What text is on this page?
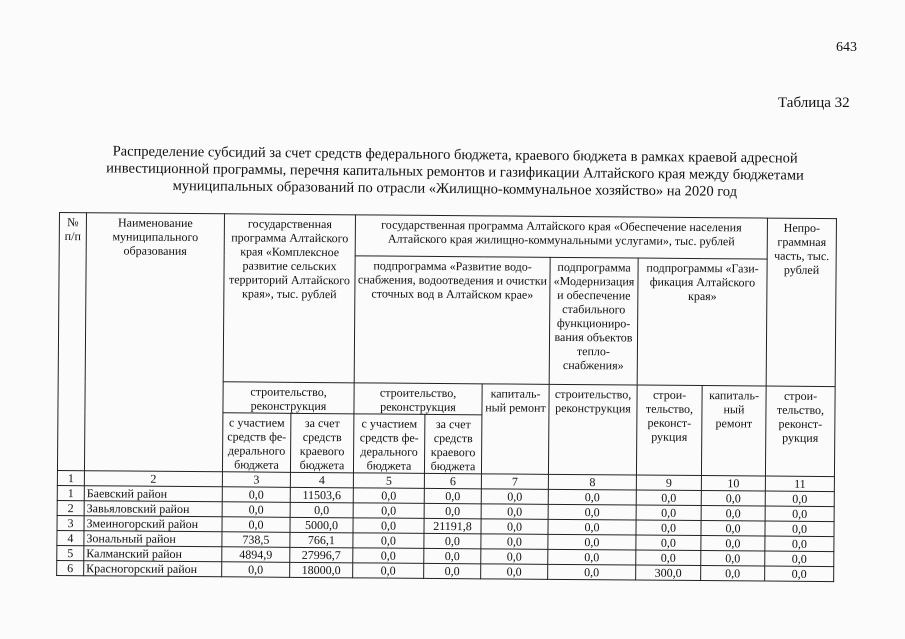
643
Таблица 32
Распределение субсидий за счет средств федерального бюджета, краевого бюджета в рамках краевой адресной
инвестиционной программы, перечня капитальных ремонтов и газификации Алтайского края между бюджетами
муниципальных образований по отрасли «Жилищно-коммунальное хозяйство» на 2020 год
№ п/п	Наименование муниципального образования	государственная программа Алтайского края «Комплексное развитие сельских территорий Алтайского края», тыс. рублей		государственная программа Алтайского края «Обеспечение населения Алтайского края жилищно-коммунальными услугами», тыс. рублей						Непро-граммная часть, тыс. рублей
				подпрограмма «Развитие водо-снабжения, водоотведения и очистки сточных вод в Алтайском крае»			подпрограмма «Модернизация и обеспечение стабильного функциониро-вания объектов тепло-снабжения»	подпрограммы «Гази-фикация Алтайского края»		
		строительство, реконструкция		строительство, реконструкция		капиталь-ный ремонт	строительство, реконструкция	строи-тельство, реконст-рукция	капиталь-ный ремонт	строи-тельство, реконст-рукция
		с участием средств фе-дерального бюджета	за счет средств краевого бюджета	с участием средств фе-дерального бюджета	за счет средств краевого бюджета					
1	2	3	4	5	6	7	8	9	10	11
1	Баевский район	0,0	11503,6	0,0	0,0	0,0	0,0	0,0	0,0	0,0
2	Завьяловский район	0,0	0,0	0,0	0,0	0,0	0,0	0,0	0,0	0,0
3	Змеиногорский район	0,0	5000,0	0,0	21191,8	0,0	0,0	0,0	0,0	0,0
4	Зональный район	738,5	766,1	0,0	0,0	0,0	0,0	0,0	0,0	0,0
5	Калманский район	4894,9	27996,7	0,0	0,0	0,0	0,0	0,0	0,0	0,0
6	Красногорский район	0,0	18000,0	0,0	0,0	0,0	0,0	300,0	0,0	0,0
